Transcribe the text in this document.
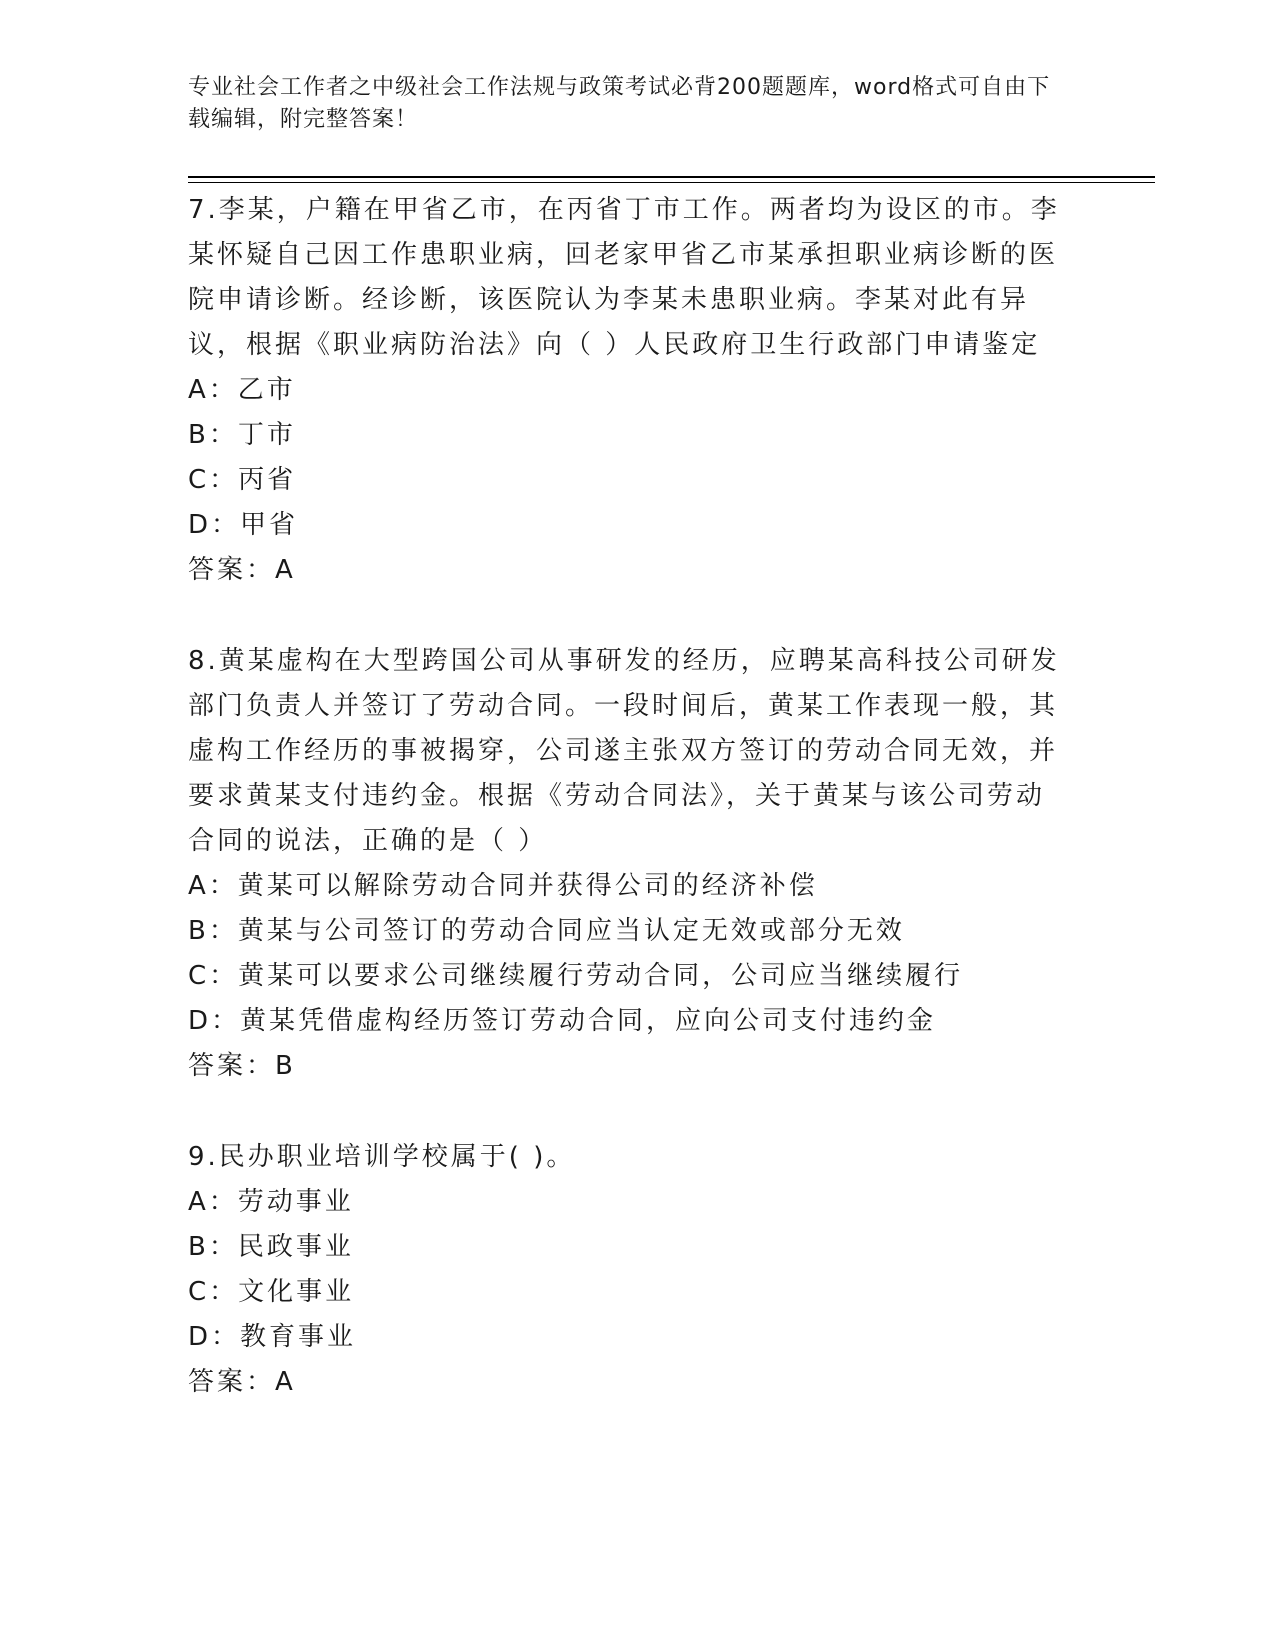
专业社会工作者之中级社会工作法规与政策考试必背200题题库，word格式可自由下载编辑，附完整答案！
7.李某，户籍在甲省乙市，在丙省丁市工作。两者均为设区的市。李某怀疑自己因工作患职业病，回老家甲省乙市某承担职业病诊断的医院申请诊断。经诊断，该医院认为李某未患职业病。李某对此有异议，根据《职业病防治法》向（ ）人民政府卫生行政部门申请鉴定
A：乙市
B：丁市
C：丙省
D：甲省
答案：A
8.黄某虚构在大型跨国公司从事研发的经历，应聘某高科技公司研发部门负责人并签订了劳动合同。一段时间后，黄某工作表现一般，其虚构工作经历的事被揭穿，公司遂主张双方签订的劳动合同无效，并要求黄某支付违约金。根据《劳动合同法》，关于黄某与该公司劳动合同的说法，正确的是（ ）
A：黄某可以解除劳动合同并获得公司的经济补偿
B：黄某与公司签订的劳动合同应当认定无效或部分无效
C：黄某可以要求公司继续履行劳动合同，公司应当继续履行
D：黄某凭借虚构经历签订劳动合同，应向公司支付违约金
答案：B
9.民办职业培训学校属于( )。
A：劳动事业
B：民政事业
C：文化事业
D：教育事业
答案：A
